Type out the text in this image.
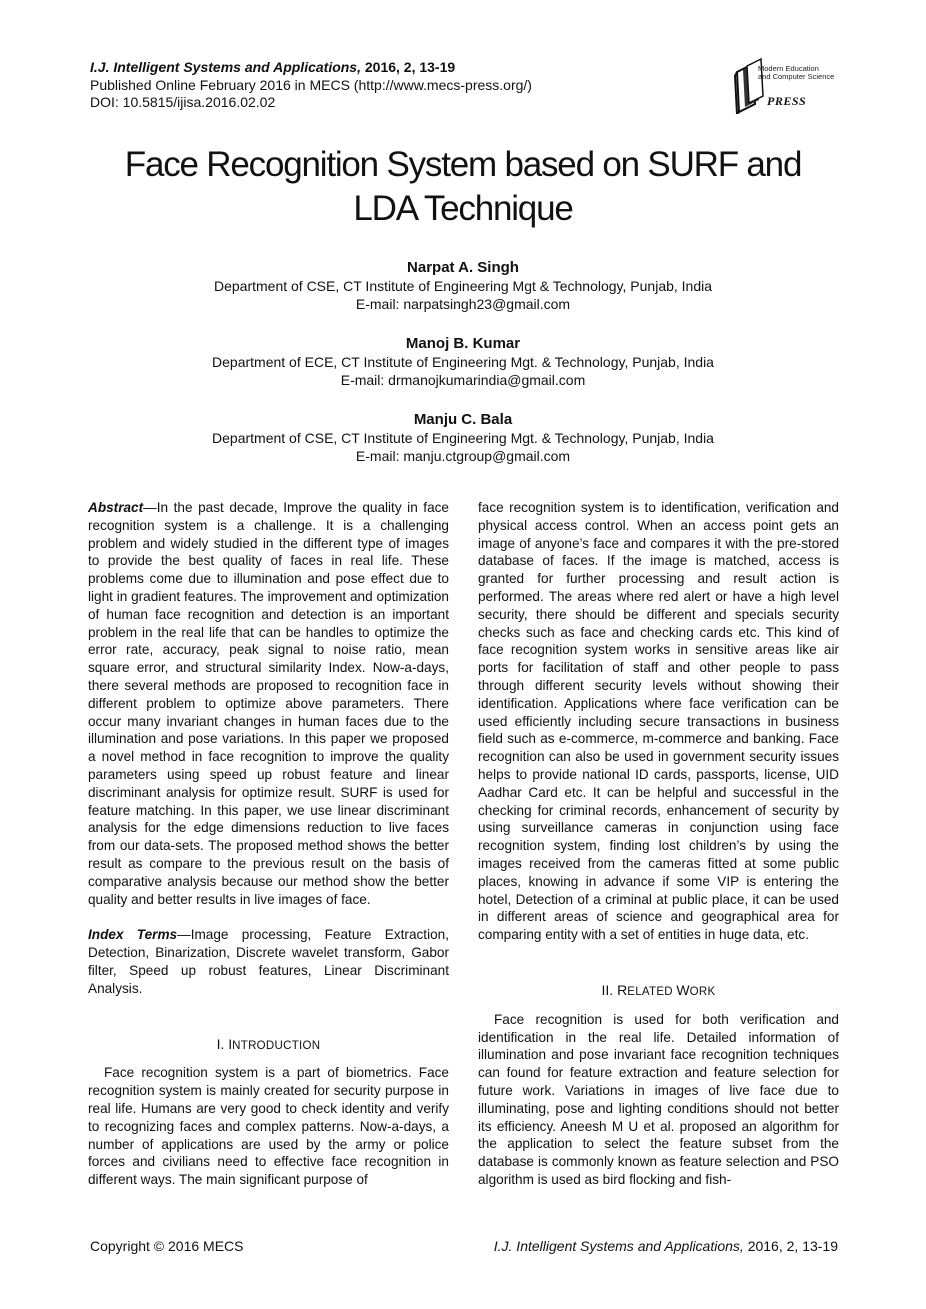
I.J. Intelligent Systems and Applications, 2016, 2, 13-19
Published Online February 2016 in MECS (http://www.mecs-press.org/)
DOI: 10.5815/ijisa.2016.02.02
Modern Education
and Computer Science
PRESS
Face Recognition System based on SURF and
LDA Technique
Narpat A. Singh
Department of CSE, CT Institute of Engineering Mgt & Technology, Punjab, India
E-mail: narpatsingh23@gmail.com
Manoj B. Kumar
Department of ECE, CT Institute of Engineering Mgt. & Technology, Punjab, India
E-mail: drmanojkumarindia@gmail.com
Manju C. Bala
Department of CSE, CT Institute of Engineering Mgt. & Technology, Punjab, India
E-mail: manju.ctgroup@gmail.com

Abstract—In the past decade, Improve the quality in face recognition system is a challenge. It is a challenging problem and widely studied in the different type of images to provide the best quality of faces in real life. These problems come due to illumination and pose effect due to light in gradient features. The improvement and optimization of human face recognition and detection is an important problem in the real life that can be handles to optimize the error rate, accuracy, peak signal to noise ratio, mean square error, and structural similarity Index. Now-a-days, there several methods are proposed to recognition face in different problem to optimize above parameters. There occur many invariant changes in human faces due to the illumination and pose variations. In this paper we proposed a novel method in face recognition to improve the quality parameters using speed up robust feature and linear discriminant analysis for optimize result. SURF is used for feature matching. In this paper, we use linear discriminant analysis for the edge dimensions reduction to live faces from our data-sets. The proposed method shows the better result as compare to the previous result on the basis of comparative analysis because our method show the better quality and better results in live images of face.

Index Terms—Image processing, Feature Extraction, Detection, Binarization, Discrete wavelet transform, Gabor filter, Speed up robust features, Linear Discriminant Analysis.

I. INTRODUCTION

Face recognition system is a part of biometrics. Face recognition system is mainly created for security purpose in real life. Humans are very good to check identity and verify to recognizing faces and complex patterns. Now-a-days, a number of applications are used by the army or police forces and civilians need to effective face recognition in different ways. The main significant purpose of

face recognition system is to identification, verification and physical access control. When an access point gets an image of anyone’s face and compares it with the pre-stored database of faces. If the image is matched, access is granted for further processing and result action is performed. The areas where red alert or have a high level security, there should be different and specials security checks such as face and checking cards etc. This kind of face recognition system works in sensitive areas like air ports for facilitation of staff and other people to pass through different security levels without showing their identification. Applications where face verification can be used efficiently including secure transactions in business field such as e-commerce, m-commerce and banking. Face recognition can also be used in government security issues helps to provide national ID cards, passports, license, UID Aadhar Card etc. It can be helpful and successful in the checking for criminal records, enhancement of security by using surveillance cameras in conjunction using face recognition system, finding lost children’s by using the images received from the cameras fitted at some public places, knowing in advance if some VIP is entering the hotel, Detection of a criminal at public place, it can be used in different areas of science and geographical area for comparing entity with a set of entities in huge data, etc.

II. RELATED WORK

Face recognition is used for both verification and identification in the real life. Detailed information of illumination and pose invariant face recognition techniques can found for feature extraction and feature selection for future work. Variations in images of live face due to illuminating, pose and lighting conditions should not better its efficiency. Aneesh M U et al. proposed an algorithm for the application to select the feature subset from the database is commonly known as feature selection and PSO algorithm is used as bird flocking and fish-

Copyright © 2016 MECS	I.J. Intelligent Systems and Applications, 2016, 2, 13-19
